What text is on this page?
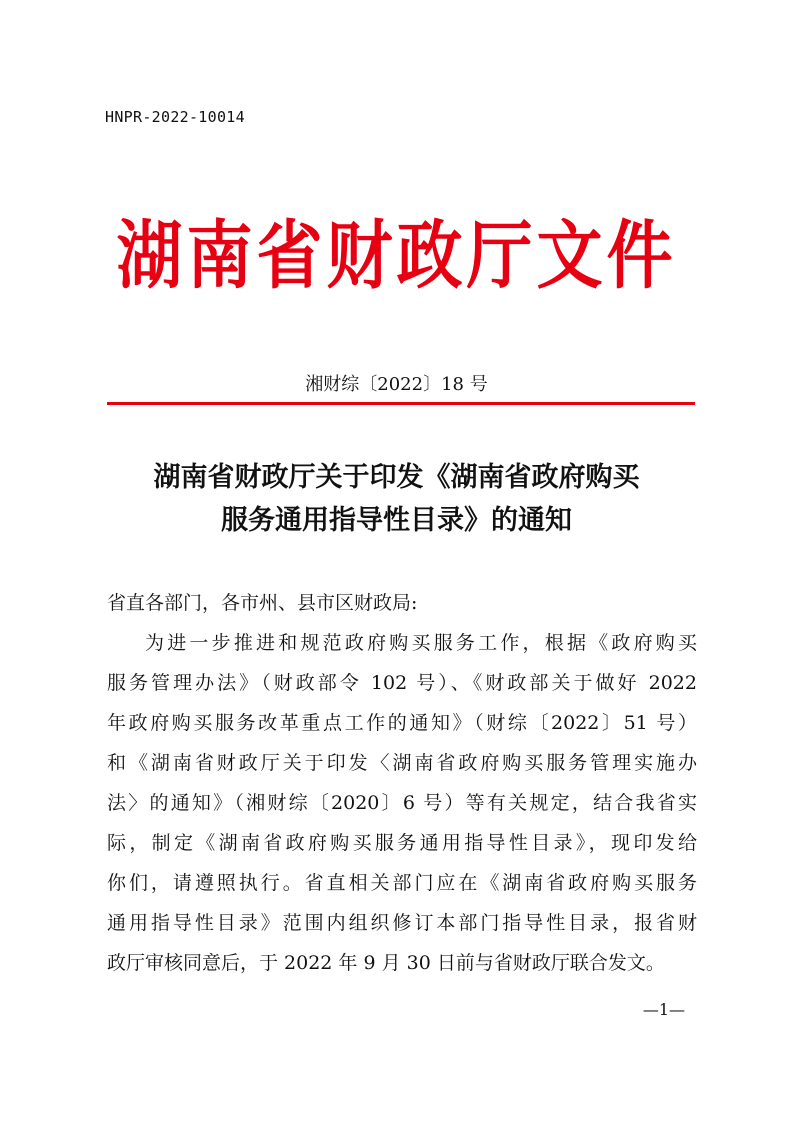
HNPR-2022-10014
湖南省财政厅文件
湘财综〔2022〕18 号
湖南省财政厅关于印发《湖南省政府购买
服务通用指导性目录》的通知
省直各部门，各市州、县市区财政局:
为进一步推进和规范政府购买服务工作，根据《政府购买
服务管理办法》（财政部令 102 号）、《财政部关于做好 2022
年政府购买服务改革重点工作的通知》（财综〔2022〕51 号）
和《湖南省财政厅关于印发〈湖南省政府购买服务管理实施办
法〉的通知》（湘财综〔2020〕6 号）等有关规定，结合我省实
际，制定《湖南省政府购买服务通用指导性目录》，现印发给
你们，请遵照执行。省直相关部门应在《湖南省政府购买服务
通用指导性目录》范围内组织修订本部门指导性目录，报省财
政厅审核同意后，于 2022 年 9 月 30 日前与省财政厅联合发文。
—1—
